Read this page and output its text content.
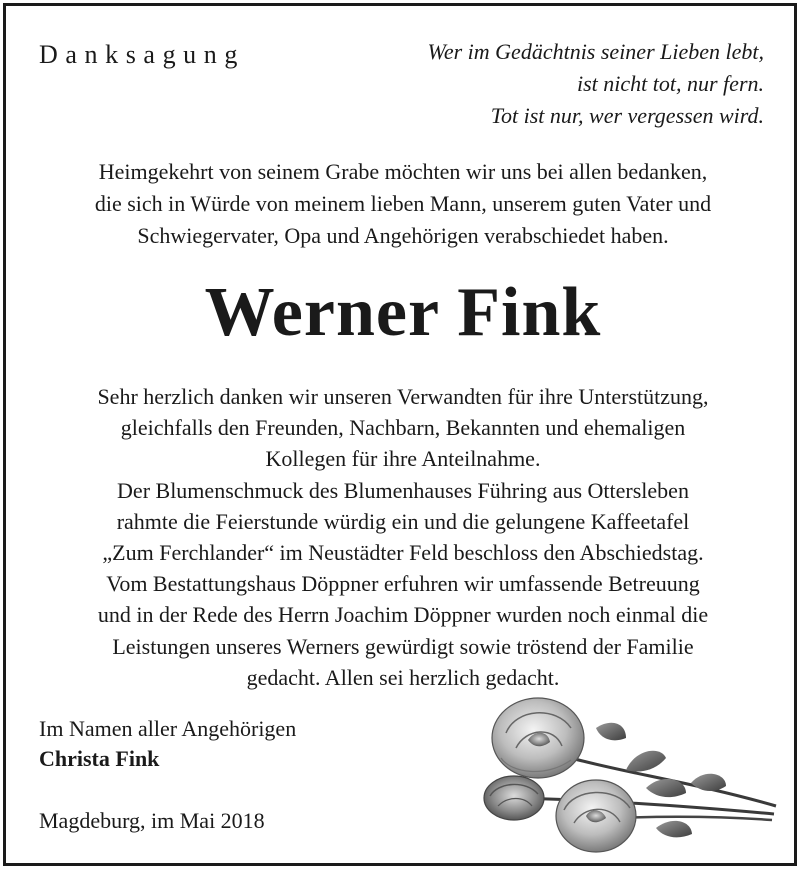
Danksagung	Wer im Gedächtnis seiner Lieben lebt,
ist nicht tot, nur fern.
Tot ist nur, wer vergessen wird.
Heimgekehrt von seinem Grabe möchten wir uns bei allen bedanken,
die sich in Würde von meinem lieben Mann, unserem guten Vater und
Schwiegervater, Opa und Angehörigen verabschiedet haben.
Werner Fink
Sehr herzlich danken wir unseren Verwandten für ihre Unterstützung,
gleichfalls den Freunden, Nachbarn, Bekannten und ehemaligen
Kollegen für ihre Anteilnahme.
Der Blumenschmuck des Blumenhauses Führing aus Ottersleben
rahmte die Feierstunde würdig ein und die gelungene Kaffeetafel
„Zum Ferchlander“ im Neustädter Feld beschloss den Abschiedstag.
Vom Bestattungshaus Döppner erfuhren wir umfassende Betreuung
und in der Rede des Herrn Joachim Döppner wurden noch einmal die
Leistungen unseres Werners gewürdigt sowie tröstend der Familie
gedacht. Allen sei herzlich gedacht.
Im Namen aller Angehörigen
Christa Fink
Magdeburg, im Mai 2018
